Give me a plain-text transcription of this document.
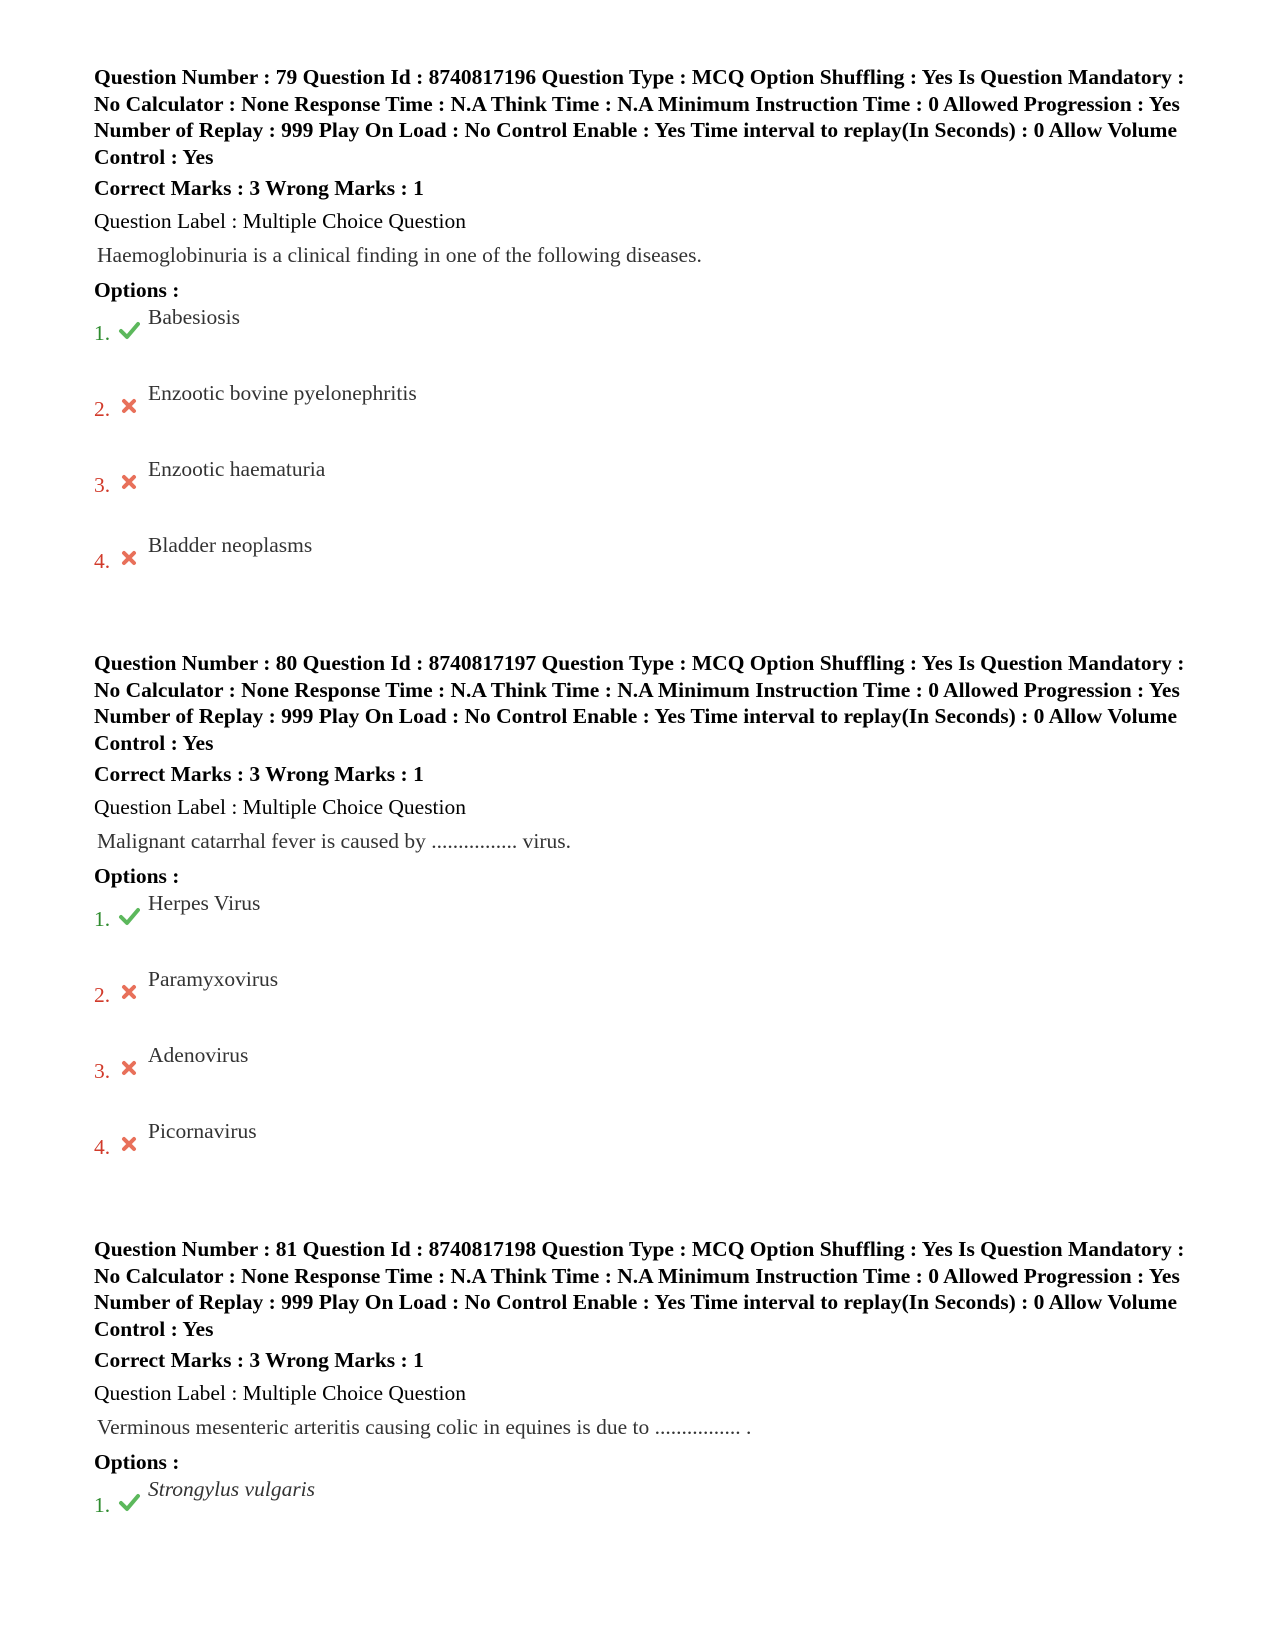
Question Number : 79 Question Id : 8740817196 Question Type : MCQ Option Shuffling : Yes Is Question Mandatory : No Calculator : None Response Time : N.A Think Time : N.A Minimum Instruction Time : 0 Allowed Progression : Yes Number of Replay : 999 Play On Load : No Control Enable : Yes Time interval to replay(In Seconds) : 0 Allow Volume Control : Yes

Correct Marks : 3 Wrong Marks : 1
Question Label : Multiple Choice Question
Haemoglobinuria is a clinical finding in one of the following diseases.
Options :
1.
Babesiosis
2.
Enzootic bovine pyelonephritis
3.
Enzootic haematuria
4.
Bladder neoplasms

Question Number : 80 Question Id : 8740817197 Question Type : MCQ Option Shuffling : Yes Is Question Mandatory : No Calculator : None Response Time : N.A Think Time : N.A Minimum Instruction Time : 0 Allowed Progression : Yes Number of Replay : 999 Play On Load : No Control Enable : Yes Time interval to replay(In Seconds) : 0 Allow Volume Control : Yes

Correct Marks : 3 Wrong Marks : 1
Question Label : Multiple Choice Question
Malignant catarrhal fever is caused by ................ virus.
Options :
1.
Herpes Virus
2.
Paramyxovirus
3.
Adenovirus
4.
Picornavirus

Question Number : 81 Question Id : 8740817198 Question Type : MCQ Option Shuffling : Yes Is Question Mandatory : No Calculator : None Response Time : N.A Think Time : N.A Minimum Instruction Time : 0 Allowed Progression : Yes Number of Replay : 999 Play On Load : No Control Enable : Yes Time interval to replay(In Seconds) : 0 Allow Volume Control : Yes

Correct Marks : 3 Wrong Marks : 1
Question Label : Multiple Choice Question
Verminous mesenteric arteritis causing colic in equines is due to ................ .
Options :
1.
Strongylus vulgaris
